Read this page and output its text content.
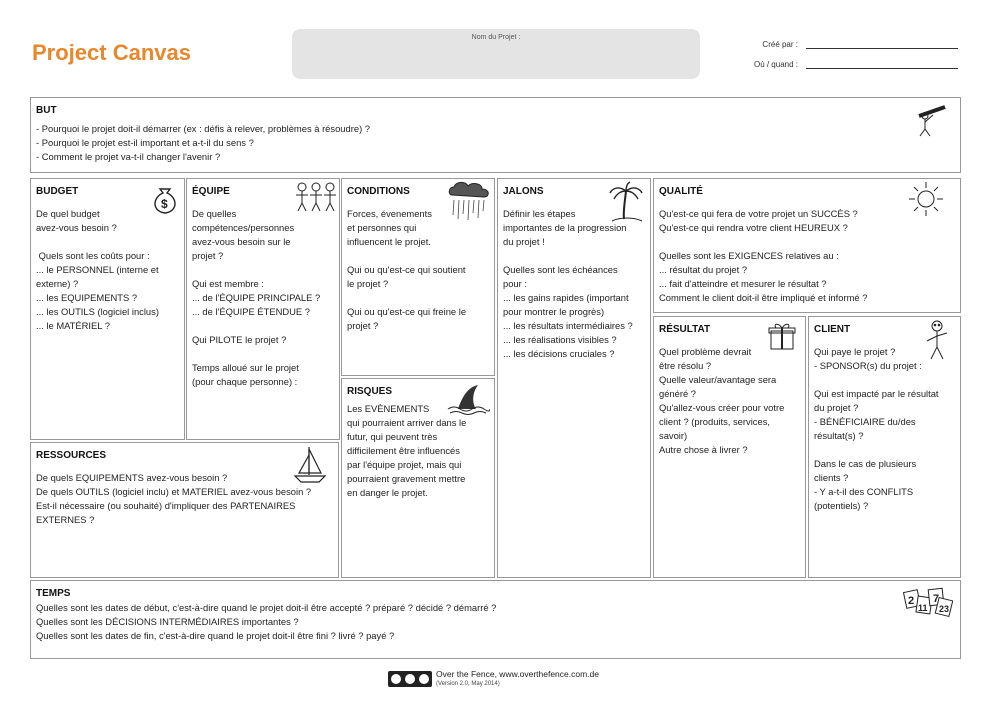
Project Canvas
Nom du Projet :
Créé par :
Où / quand :
BUT
- Pourquoi le projet doit-il démarrer (ex : défis à relever, problèmes à résoudre) ?
- Pourquoi le projet est-il important et a-t-il du sens ?
- Comment le projet va-t-il changer l'avenir ?
BUDGET
De quel budget
avez-vous besoin ?
Quels sont les coûts pour :
... le PERSONNEL (interne et
externe) ?
... les EQUIPEMENTS ?
... les OUTILS (logiciel inclus)
... le MATÉRIEL ?
$
ÉQUIPE
De quelles
compétences/personnes
avez-vous besoin sur le
projet ?
Qui est membre :
... de l'ÉQUIPE PRINCIPALE ?
... de l'ÉQUIPE ÉTENDUE ?
Qui PILOTE le projet ?
Temps alloué sur le projet
(pour chaque personne) :
CONDITIONS
Forces, évenements
et personnes qui
influencent le projet.
Qui ou qu'est-ce qui soutient
le projet ?
Qui ou qu'est-ce qui freine le
projet ?
RISQUES
Les EVÈNEMENTS
qui pourraient arriver dans le
futur, qui peuvent très
difficilement être influencés
par l'équipe projet, mais qui
pourraient gravement mettre
en danger le projet.
JALONS
Définir les étapes
importantes de la progression
du projet !
Quelles sont les échéances
pour :
... les gains rapides (important
pour montrer le progrès)
... les résultats intermédiaires ?
... les réalisations visibles ?
... les décisions cruciales ?
QUALITÉ
Qu'est-ce qui fera de votre projet un SUCCÈS ?
Qu'est-ce qui rendra votre client HEUREUX ?
Quelles sont les EXIGENCES relatives au :
... résultat du projet ?
... fait d'atteindre et mesurer le résultat ?
Comment le client doit-il être impliqué et informé ?
RÉSULTAT
Quel problème devrait
être résolu ?
Quelle valeur/avantage sera
généré ?
Qu'allez-vous créer pour votre
client ? (produits, services,
savoir)
Autre chose à livrer ?
CLIENT
Qui paye le projet ?
- SPONSOR(s) du projet :
Qui est impacté par le résultat
du projet ?
- BÉNÉFICIAIRE du/des
résultat(s) ?
Dans le cas de plusieurs
clients ?
- Y a-t-il des CONFLITS
(potentiels) ?
RESSOURCES
De quels EQUIPEMENTS avez-vous besoin ?
De quels OUTILS (logiciel inclu) et MATERIEL avez-vous besoin ?
Est-il nécessaire (ou souhaité) d'impliquer des PARTENAIRES
EXTERNES ?
TEMPS
Quelles sont les dates de début, c'est-à-dire quand le projet doit-il être accepté ? préparé ? décidé ? démarré ?
Quelles sont les DÉCISIONS INTERMÉDIAIRES importantes ?
Quelles sont les dates de fin, c'est-à-dire quand le projet doit-il être fini ? livré ? payé ?
2
11
7
23
Over the Fence, www.overthefence.com.de
(Version 2.0, May 2014)
